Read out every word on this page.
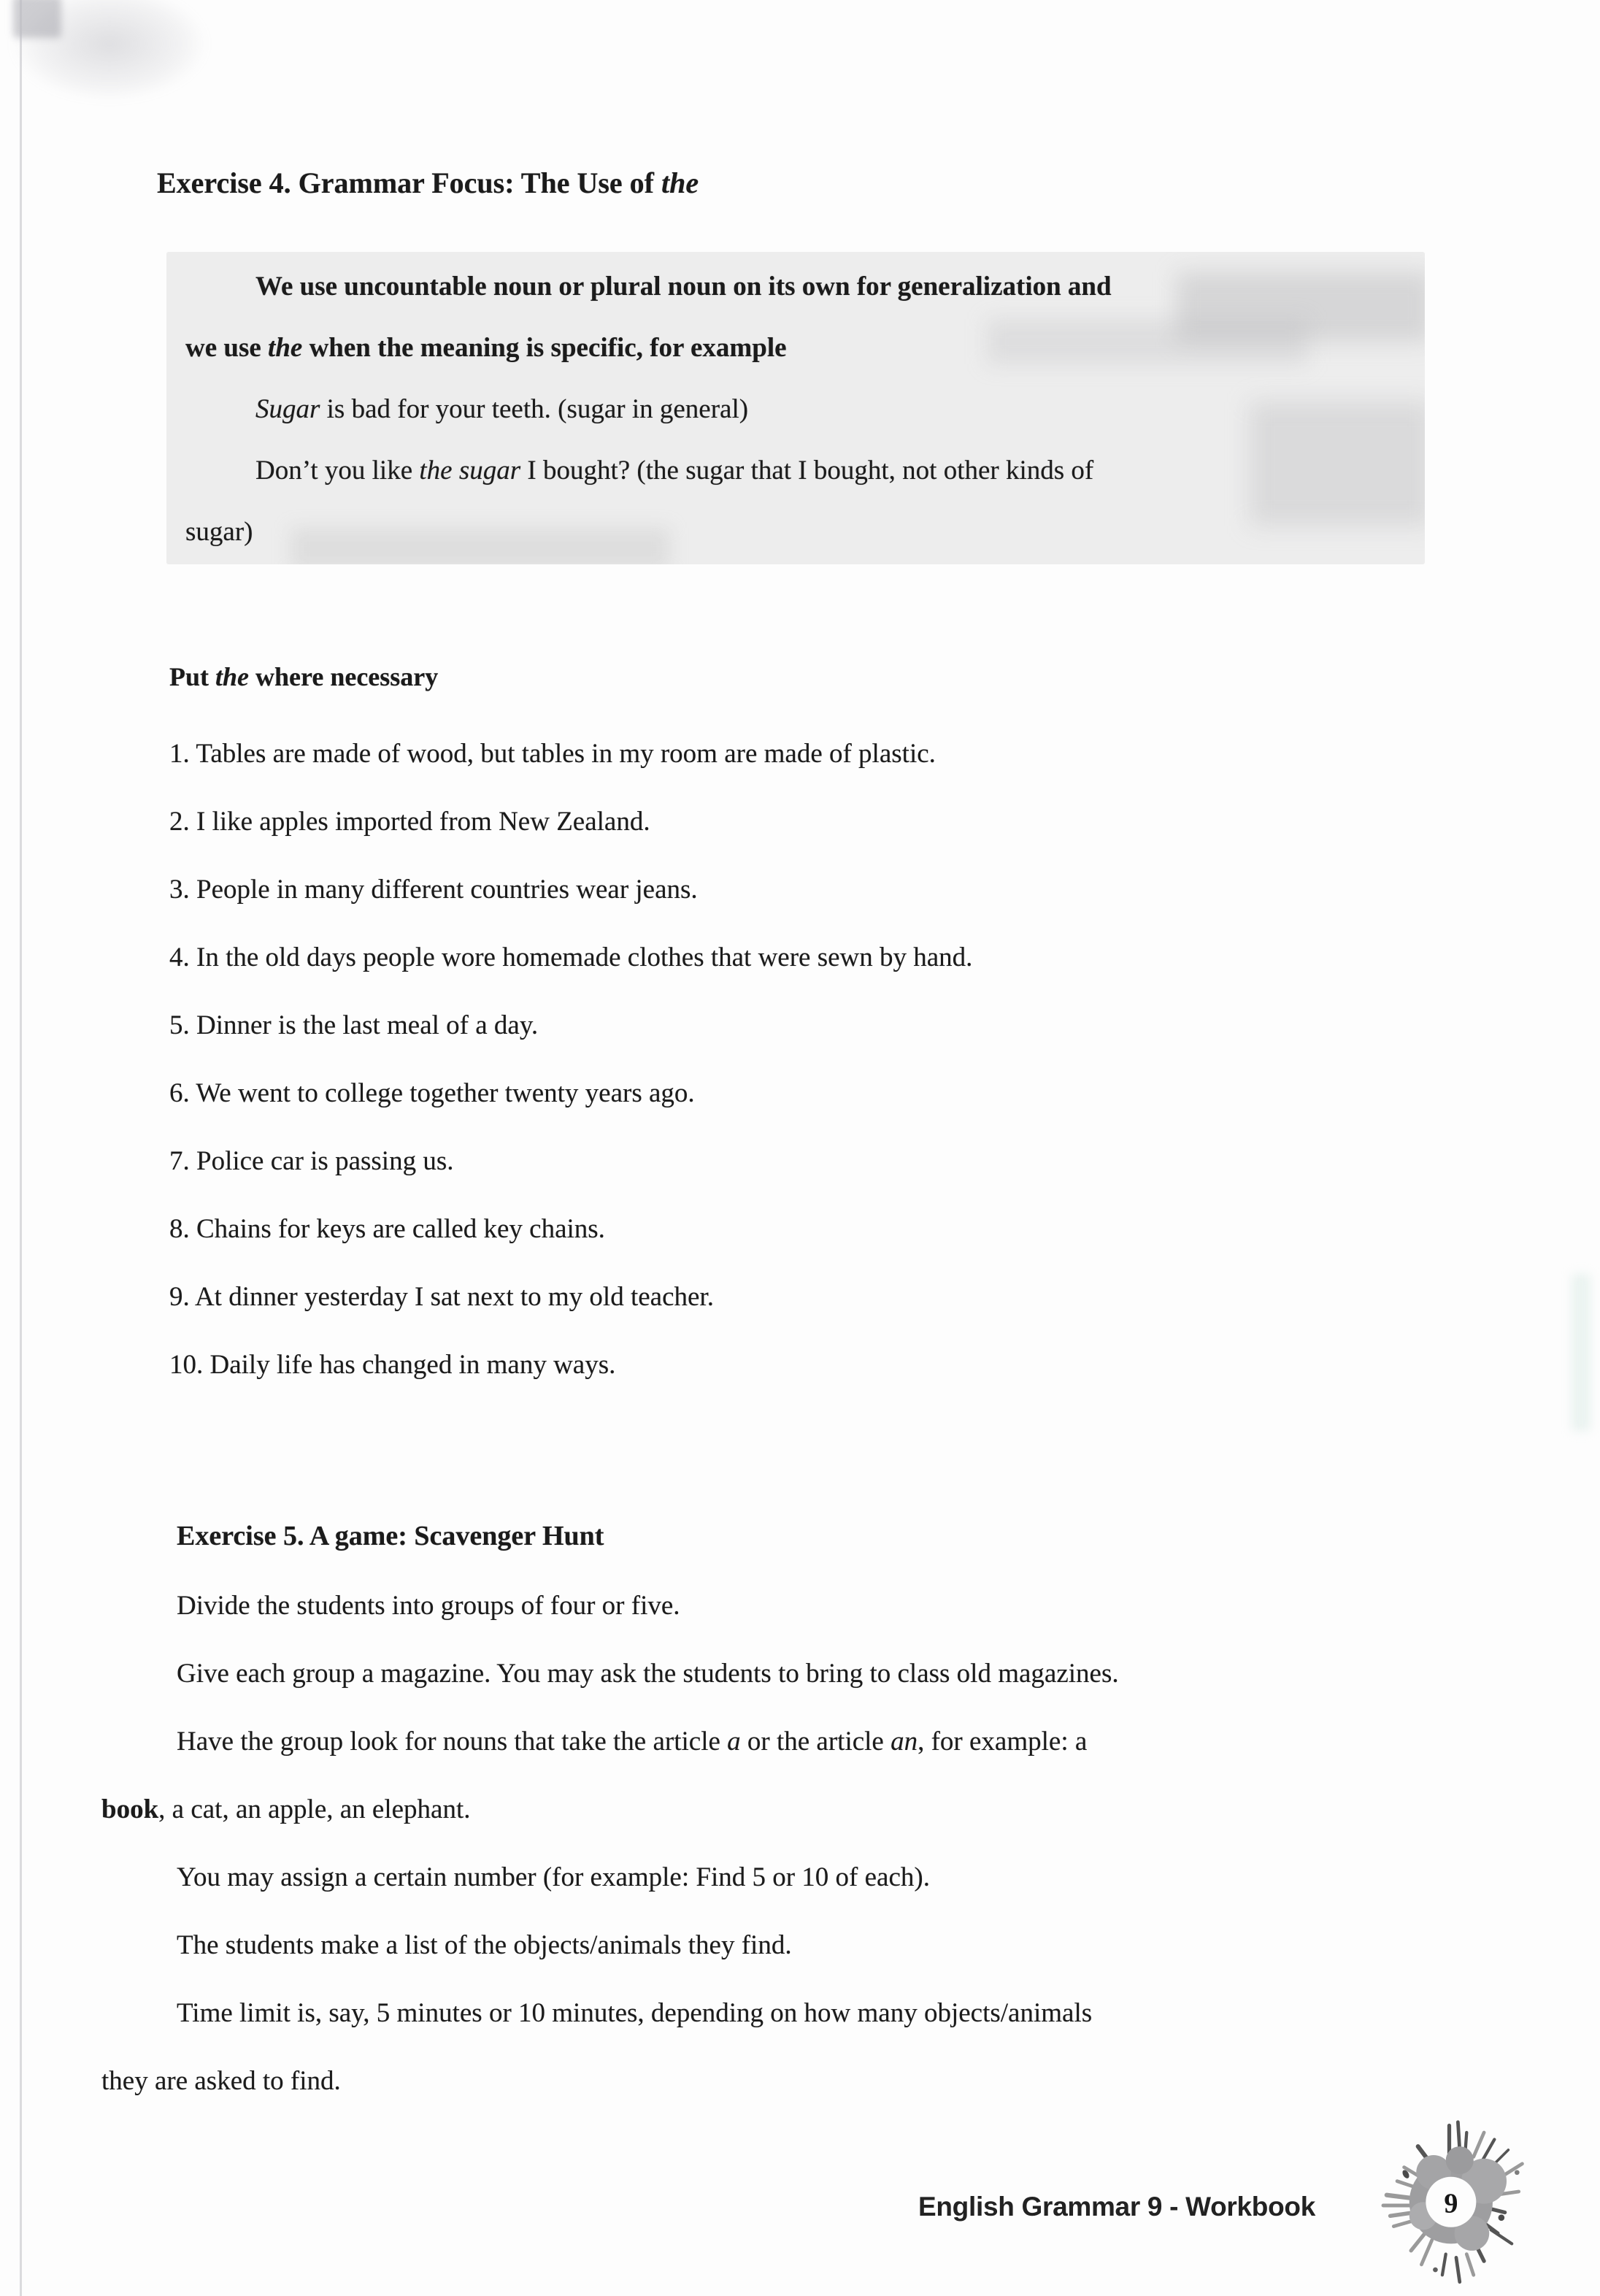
Exercise 4. Grammar Focus: The Use of the
We use uncountable noun or plural noun on its own for generalization and
we use the when the meaning is specific, for example
Sugar is bad for your teeth. (sugar in general)
Don’t you like the sugar I bought? (the sugar that I bought, not other kinds of
sugar)
Put the where necessary
1. Tables are made of wood, but tables in my room are made of plastic.
2. I like apples imported from New Zealand.
3. People in many different countries wear jeans.
4. In the old days people wore homemade clothes that were sewn by hand.
5. Dinner is the last meal of a day.
6. We went to college together twenty years ago.
7. Police car is passing us.
8. Chains for keys are called key chains.
9. At dinner yesterday I sat next to my old teacher.
10. Daily life has changed in many ways.
Exercise 5. A game: Scavenger Hunt
Divide the students into groups of four or five.
Give each group a magazine. You may ask the students to bring to class old magazines.
Have the group look for nouns that take the article a or the article an, for example: a
book, a cat, an apple, an elephant.
You may assign a certain number (for example: Find 5 or 10 of each).
The students make a list of the objects/animals they find.
Time limit is, say, 5 minutes or 10 minutes, depending on how many objects/animals
they are asked to find.
English Grammar 9 - Workbook	9
